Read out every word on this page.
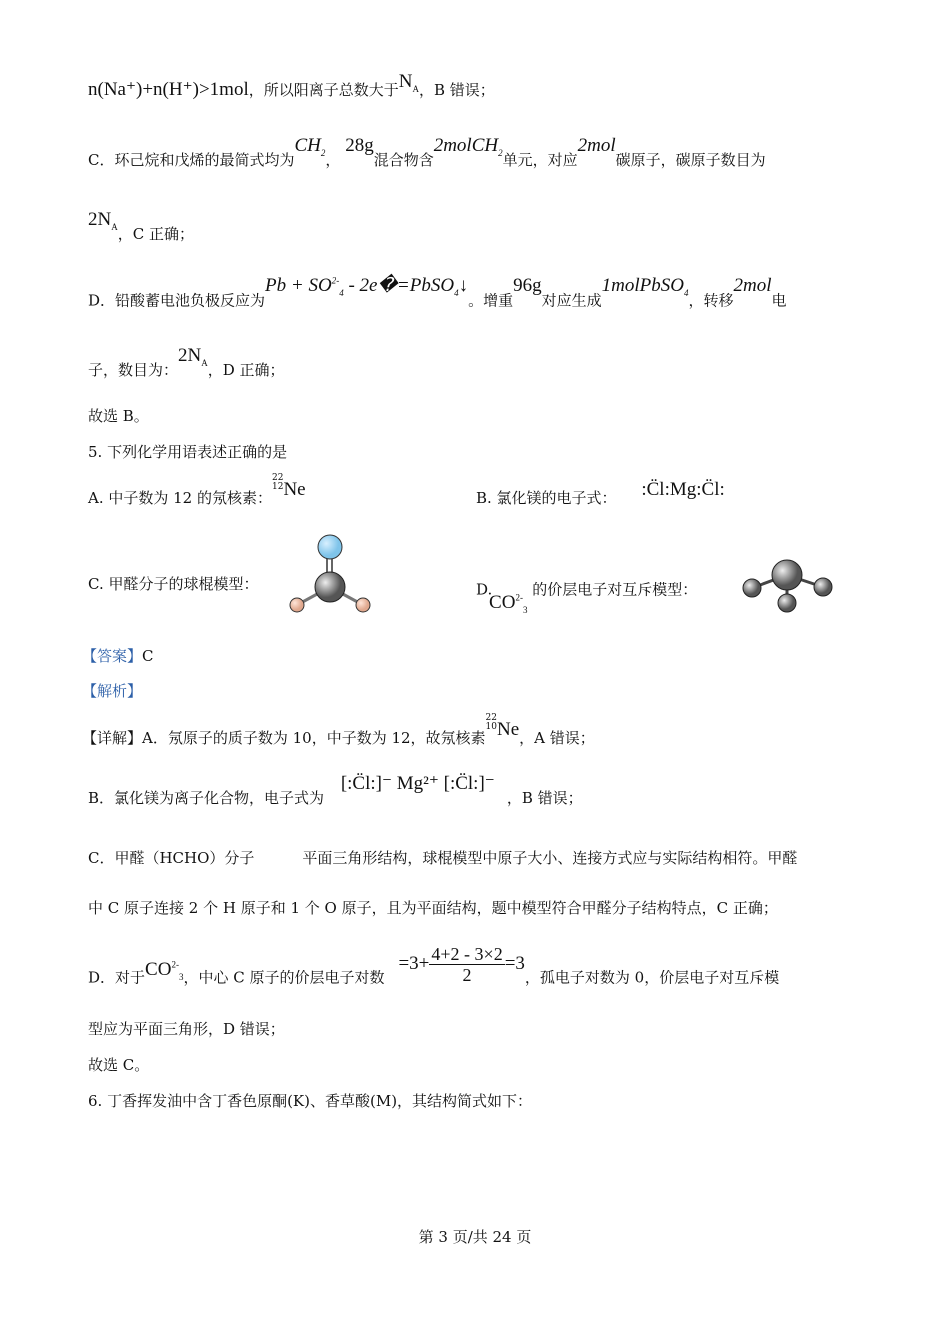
n(Na⁺)+n(H⁺)>1mol，所以阳离子总数大于$N_A$，B 错误；
C．环己烷和戊烯的最简式均为$CH_2$， 28g混合物含2molCH$_2$单元，对应2mol碳原子，碳原子数目为
$2N_A$，C 正确；
D．铅酸蓄电池负极反应为$Pb + SO^{2-}_4$ - 2e�=PbSO$_4$↓。增重96g对应生成1molPbSO$_4$，转移2mol电
子，数目为：$2N_A$，D 正确；
故选 B。
5. 下列化学用语表述正确的是
A. 中子数为 12 的氖核素：22
12Ne	B. 氯化镁的电子式： :C̈l:Mg:C̈l:
C. 甲醛分子的球棍模型：	D. $CO^{2-}_3$ 的价层电子对互斥模型：
【答案】C
【解析】
【详解】A．氖原子的质子数为 10，中子数为 12，故氖核素22
10Ne，A 错误；
B．氯化镁为离子化合物，电子式为 [:C̈l:]⁻ Mg²⁺ [:C̈l:]⁻，B 错误；
C．甲醛（HCHO）分子	平面三角形结构，球棍模型中原子大小、连接方式应与实际结构相符。甲醛
中 C 原子连接 2 个 H 原子和 1 个 O 原子，且为平面结构，题中模型符合甲醛分子结构特点，C 正确；
D．对于$CO^{2-}_3$，中心 C 原子的价层电子对数$=3+ \frac{4+2 - 3\times 2}{2} =3$，孤电子对数为 0，价层电子对互斥模
型应为平面三角形，D 错误；
故选 C。
6. 丁香挥发油中含丁香色原酮(K)、香草酸(M)，其结构简式如下：
第 3 页/共 24 页
